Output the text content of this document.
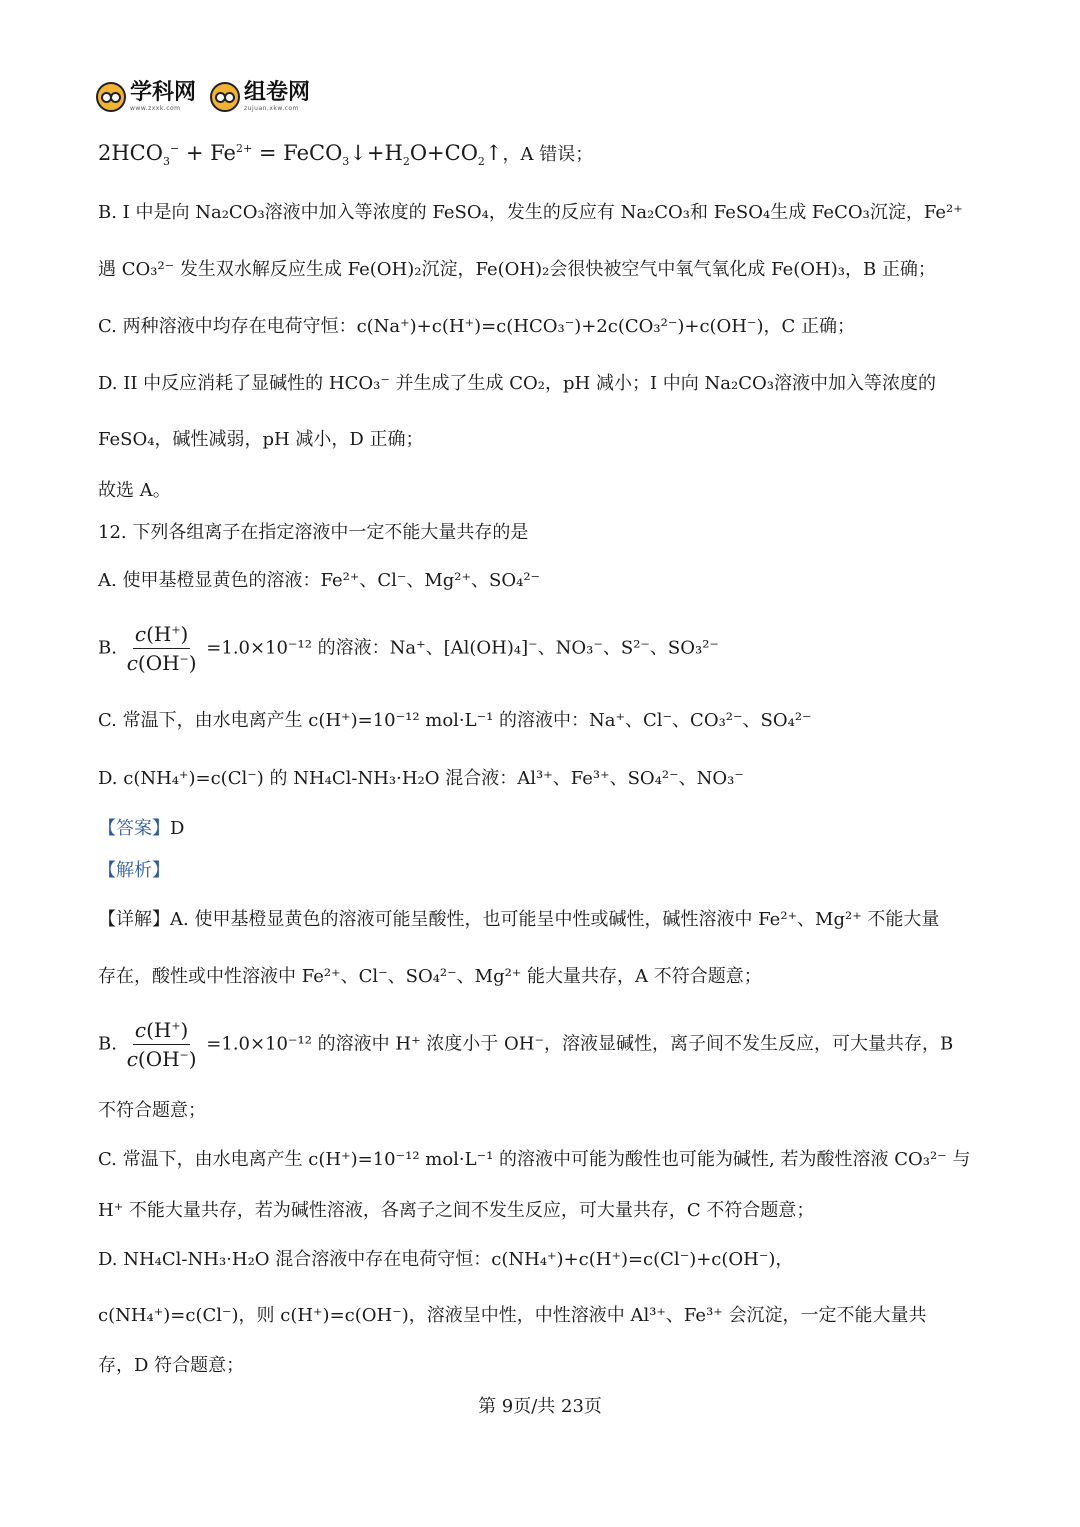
学科网
www.zxxk.com
组卷网
zujuan.xkw.com
$2HCO_3^- + Fe^{2+}$ = $FeCO_3↓+H_2O+CO_2↑$，A 错误；
B. I 中是向 Na₂CO₃溶液中加入等浓度的 FeSO₄，发生的反应有 Na₂CO₃和 FeSO₄生成 FeCO₃沉淀，Fe²⁺
遇 CO₃²⁻ 发生双水解反应生成 Fe(OH)₂沉淀，Fe(OH)₂会很快被空气中氧气氧化成 Fe(OH)₃，B 正确；
C. 两种溶液中均存在电荷守恒：c(Na⁺)+c(H⁺)=c(HCO₃⁻)+2c(CO₃²⁻)+c(OH⁻)，C 正确；
D. II 中反应消耗了显碱性的 HCO₃⁻ 并生成了生成 CO₂，pH 减小；I 中向 Na₂CO₃溶液中加入等浓度的
FeSO₄，碱性减弱，pH 减小，D 正确；
故选 A。
12. 下列各组离子在指定溶液中一定不能大量共存的是
A. 使甲基橙显黄色的溶液：Fe²⁺、Cl⁻、Mg²⁺、SO₄²⁻
B. $\frac{c(H^+)}{c(OH^-)} =1.0\times 10^{-12}$ 的溶液：Na⁺、[Al(OH)₄]⁻、NO₃⁻、S²⁻、SO₃²⁻
C. 常温下，由水电离产生 c(H⁺)=10⁻¹² mol·L⁻¹ 的溶液中：Na⁺、Cl⁻、CO₃²⁻、SO₄²⁻
D. c(NH₄⁺)=c(Cl⁻) 的 NH₄Cl-NH₃·H₂O 混合液：Al³⁺、Fe³⁺、SO₄²⁻、NO₃⁻
【答案】D
【解析】
【详解】A. 使甲基橙显黄色的溶液可能呈酸性，也可能呈中性或碱性，碱性溶液中 Fe²⁺、Mg²⁺ 不能大量
存在，酸性或中性溶液中 Fe²⁺、Cl⁻、SO₄²⁻、Mg²⁺ 能大量共存，A 不符合题意；
B. $\frac{c(H^+)}{c(OH^-)} =1.0\times 10^{-12}$ 的溶液中 H⁺ 浓度小于 OH⁻，溶液显碱性，离子间不发生反应，可大量共存，B
不符合题意；
C. 常温下，由水电离产生 c(H⁺)=10⁻¹² mol·L⁻¹ 的溶液中可能为酸性也可能为碱性, 若为酸性溶液 CO₃²⁻ 与
H⁺ 不能大量共存，若为碱性溶液，各离子之间不发生反应，可大量共存，C 不符合题意；
D. NH₄Cl-NH₃·H₂O 混合溶液中存在电荷守恒：c(NH₄⁺)+c(H⁺)=c(Cl⁻)+c(OH⁻)，
c(NH₄⁺)=c(Cl⁻)，则 c(H⁺)=c(OH⁻)，溶液呈中性，中性溶液中 Al³⁺、Fe³⁺ 会沉淀，一定不能大量共
存，D 符合题意；
第 9页/共 23页
